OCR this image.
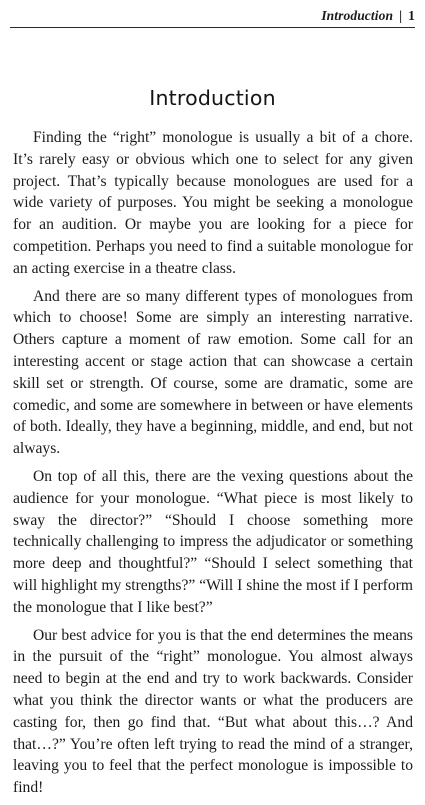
Introduction | 1
Introduction

Finding the “right” monologue is usually a bit of a chore. It’s rarely easy or obvious which one to select for any given project. That’s typically because monologues are used for a wide variety of purposes. You might be seeking a monologue for an audition. Or maybe you are looking for a piece for competition. Perhaps you need to find a suitable monologue for an acting exercise in a theatre class.

And there are so many different types of monologues from which to choose! Some are simply an interesting narrative. Others capture a moment of raw emotion. Some call for an interesting accent or stage action that can showcase a certain skill set or strength. Of course, some are dramatic, some are comedic, and some are somewhere in between or have elements of both. Ideally, they have a beginning, middle, and end, but not always.

On top of all this, there are the vexing questions about the audience for your monologue. “What piece is most likely to sway the director?” “Should I choose something more technically challenging to impress the adjudicator or something more deep and thoughtful?” “Should I select something that will highlight my strengths?” “Will I shine the most if I perform the monologue that I like best?”

Our best advice for you is that the end determines the means in the pursuit of the “right” monologue. You almost always need to begin at the end and try to work backwards. Consider what you think the director wants or what the producers are casting for, then go find that. “But what about this…? And that…?” You’re often left trying to read the mind of a stranger, leaving you to feel that the perfect monologue is impossible to find!
